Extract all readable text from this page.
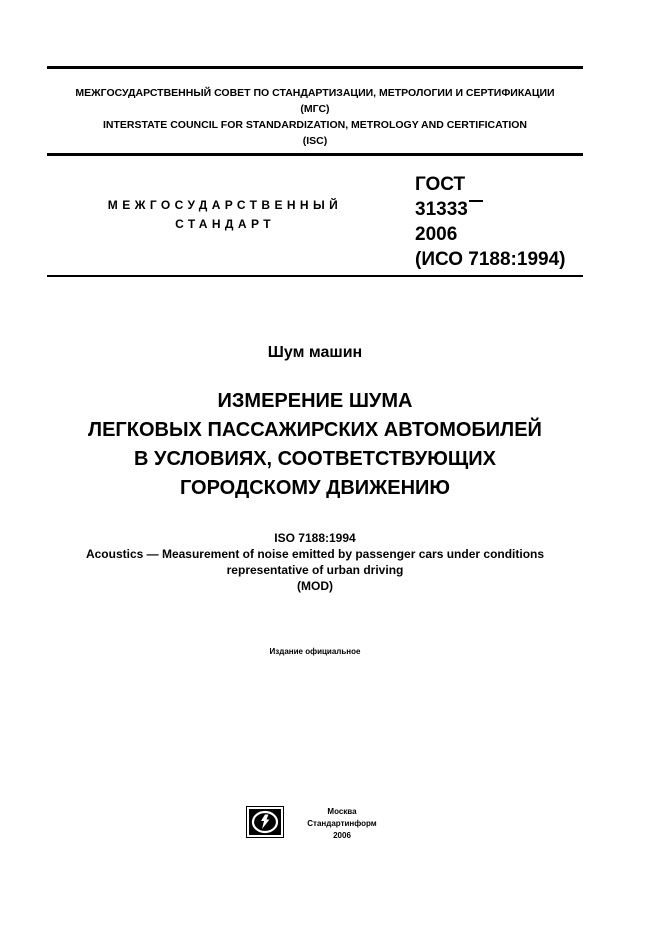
МЕЖГОСУДАРСТВЕННЫЙ СОВЕТ ПО СТАНДАРТИЗАЦИИ, МЕТРОЛОГИИ И СЕРТИФИКАЦИИ
(МГС)
INTERSTATE COUNCIL FOR STANDARDIZATION, METROLOGY AND CERTIFICATION
(ISC)
МЕЖГОСУДАРСТВЕННЫЙ
СТАНДАРТ
ГОСТ
31333
2006
(ИСО 7188:1994)
Шум машин
ИЗМЕРЕНИЕ ШУМА
ЛЕГКОВЫХ ПАССАЖИРСКИХ АВТОМОБИЛЕЙ
В УСЛОВИЯХ, СООТВЕТСТВУЮЩИХ
ГОРОДСКОМУ ДВИЖЕНИЮ
ISO 7188:1994
Acoustics — Measurement of noise emitted by passenger cars under conditions
representative of urban driving
(MOD)
Издание официальное
Москва
Стандартинформ
2006
